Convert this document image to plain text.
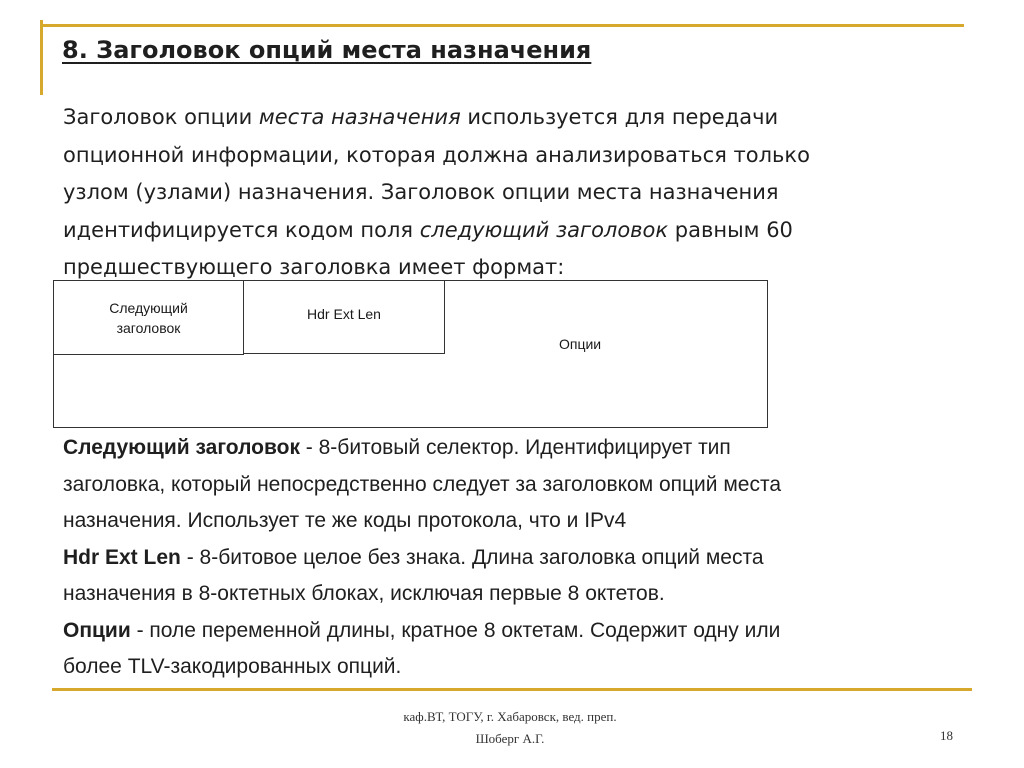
8. Заголовок опций места назначения

Заголовок опции места назначения используется для передачи

опционной информации, которая должна анализироваться только

узлом (узлами) назначения. Заголовок опции места назначения

идентифицируется кодом поля следующий заголовок равным 60

предшествующего заголовка имеет формат:

Следующий
заголовок
Hdr Ext Len
Опции

Следующий заголовок - 8-битовый селектор. Идентифицирует тип

заголовка, который непосредственно следует за заголовком опций места

назначения. Использует те же коды протокола, что и IPv4

Hdr Ext Len - 8-битовое целое без знака. Длина заголовка опций места

назначения в 8-октетных блоках, исключая первые 8 октетов.

Опции - поле переменной длины, кратное 8 октетам. Содержит одну или

более TLV-закодированных опций.

каф.ВТ, ТОГУ, г. Хабаровск, вед. преп.
Шоберг А.Г.	18
